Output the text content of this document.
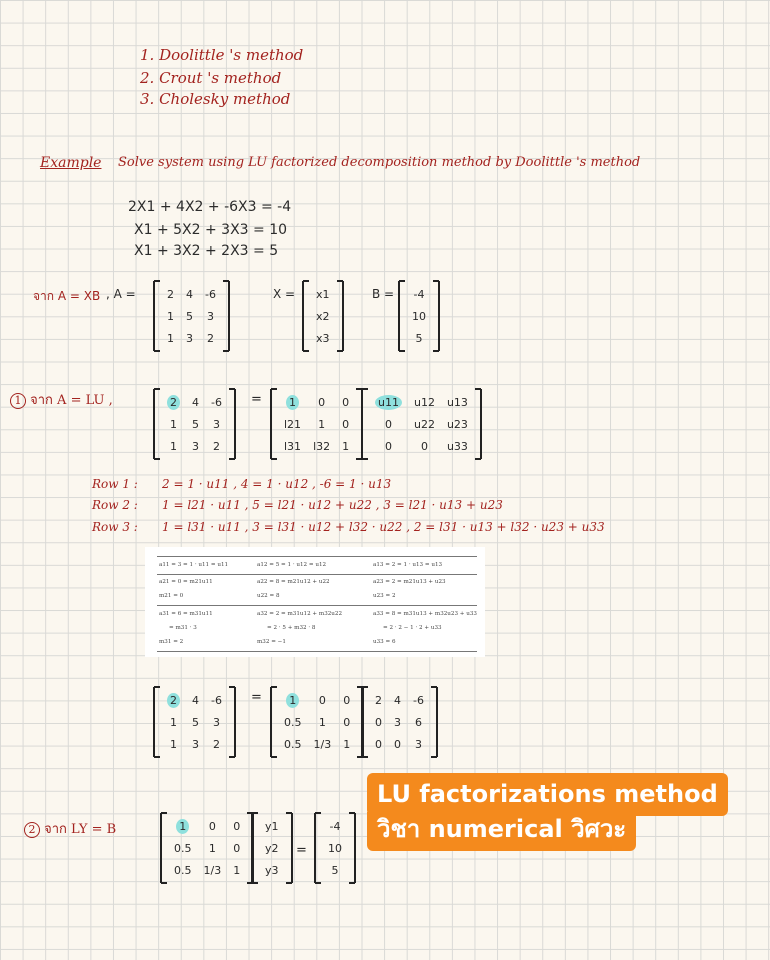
1. Doolittle 's method
2. Crout 's method
3. Cholesky method
Example Solve system using LU factorized decomposition method by Doolittle 's method
2X1 + 4X2 + -6X3 = -4
X1 + 5X2 + 3X3 = 10
X1 + 3X2 + 2X3 = 5
จาก A = XB , A =	2	4	-6
1	5	3
1	3	2
X = x1
x2
x3
B = -4
10
5
1 จาก A = LU ,	2	4	-6
1	5	3
1	3	2
= 1	0	0
l21	1	0
l31	l32	1
u11	u12	u13
0	u22	u23
0	0	u33
Row 1 : 2 = 1 · u11 , 4 = 1 · u12 , -6 = 1 · u13
Row 2 : 1 = l21 · u11 , 5 = l21 · u12 + u22 , 3 = l21 · u13 + u23
Row 3 : 1 = l31 · u11 , 3 = l31 · u12 + l32 · u22 , 2 = l31 · u13 + l32 · u23 + u33
a11 = 3 = 1 · u11 = u11	a12 = 5 = 1 · u12 = u12	a13 = 2 = 1 · u13 = u13
a21 = 0 = m21u11	a22 = 8 = m21u12 + u22	a23 = 2 = m21u13 + u23
m21 = 0	u22 = 8	u23 = 2
a31 = 6 = m31u11	a32 = 2 = m31u12 + m32u22	a33 = 8 = m31u13 + m32u23 + u33
= m31 · 3	= 2 · 5 + m32 · 8	= 2 · 2 − 1 · 2 + u33
m31 = 2	m32 = −1	u33 = 6
2	4	-6
1	5	3
1	3	2
= 1	0	0
0.5	1	0
0.5	1/3	1
2	4	-6
0	3	6
0	0	3
LU factorizations method
วิชา numerical วิศวะ
2 จาก LY = B	1	0	0
0.5	1	0
0.5	1/3	1
y1
y2
y3
=
-4
10
5
